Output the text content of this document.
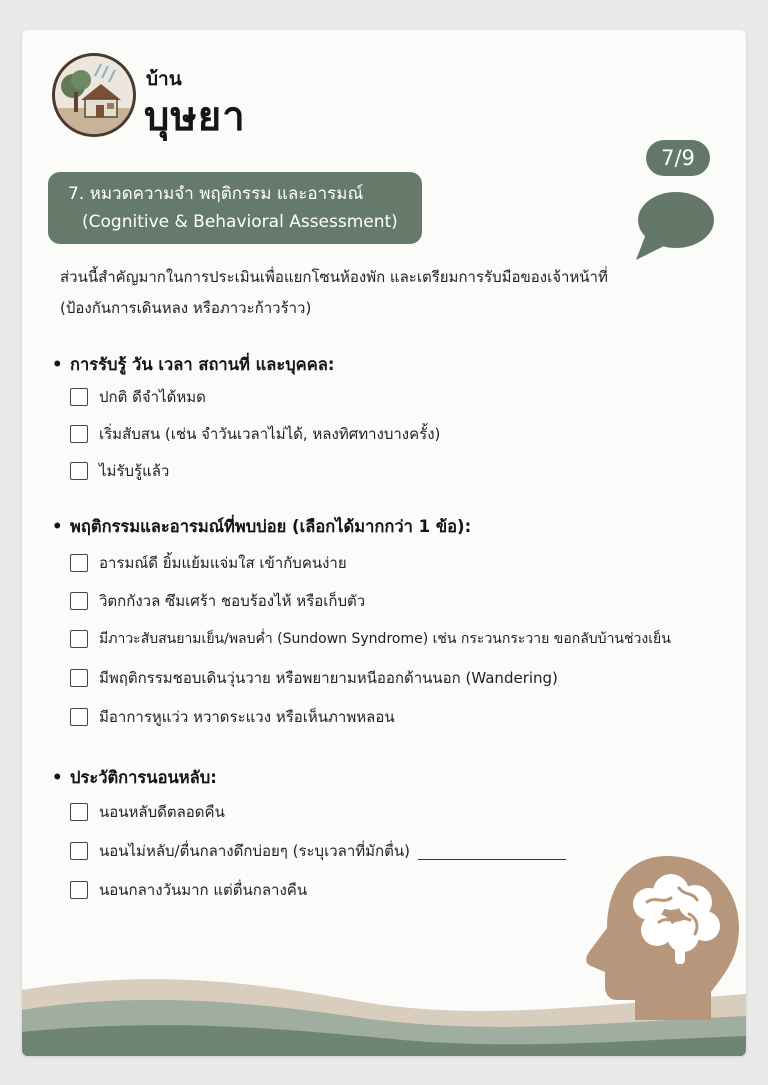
บ้าน
บุษยา
7/9
7. หมวดความจำ พฤติกรรม และอารมณ์
(Cognitive & Behavioral Assessment)
ส่วนนี้สำคัญมากในการประเมินเพื่อแยกโซนห้องพัก และเตรียมการรับมือของเจ้าหน้าที่
(ป้องกันการเดินหลง หรือภาวะก้าวร้าว)
• การรับรู้ วัน เวลา สถานที่ และบุคคล:
ปกติ ดีจำได้หมด
เริ่มสับสน (เช่น จำวันเวลาไม่ได้, หลงทิศทางบางครั้ง)
ไม่รับรู้แล้ว
• พฤติกรรมและอารมณ์ที่พบบ่อย (เลือกได้มากกว่า 1 ข้อ):
อารมณ์ดี ยิ้มแย้มแจ่มใส เข้ากับคนง่าย
วิตกกังวล ซึมเศร้า ชอบร้องไห้ หรือเก็บตัว
มีภาวะสับสนยามเย็น/พลบค่ำ (Sundown Syndrome) เช่น กระวนกระวาย ขอกลับบ้านช่วงเย็น
มีพฤติกรรมชอบเดินวุ่นวาย หรือพยายามหนีออกด้านนอก (Wandering)
มีอาการหูแว่ว หวาดระแวง หรือเห็นภาพหลอน
• ประวัติการนอนหลับ:
นอนหลับดีตลอดคืน
นอนไม่หลับ/ตื่นกลางดึกบ่อยๆ (ระบุเวลาที่มักตื่น)
นอนกลางวันมาก แต่ตื่นกลางคืน
